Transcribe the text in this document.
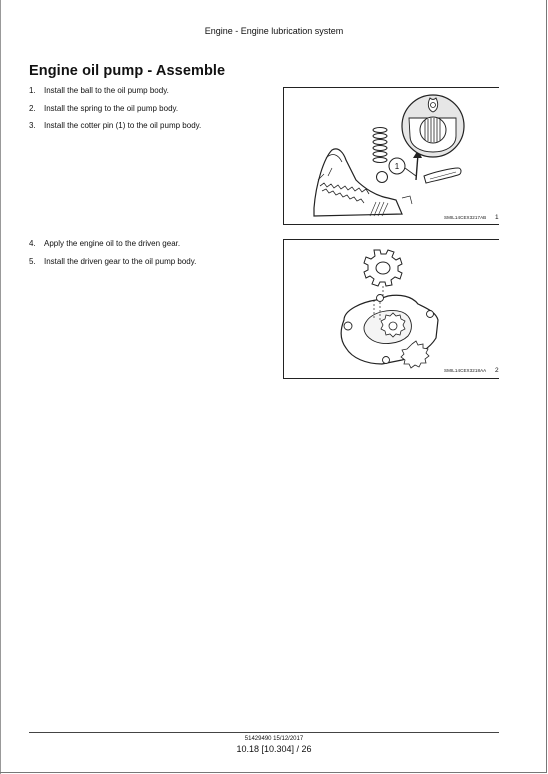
Engine - Engine lubrication system
Engine oil pump - Assemble
1. Install the ball to the oil pump body.
2. Install the spring to the oil pump body.
3. Install the cotter pin (1) to the oil pump body.
1
SMIL14CEX3217AB 1
4. Apply the engine oil to the driven gear.
5. Install the driven gear to the oil pump body.
SMIL14CEX3218AA 2
51429490 15/12/2017
10.18 [10.304] / 26
